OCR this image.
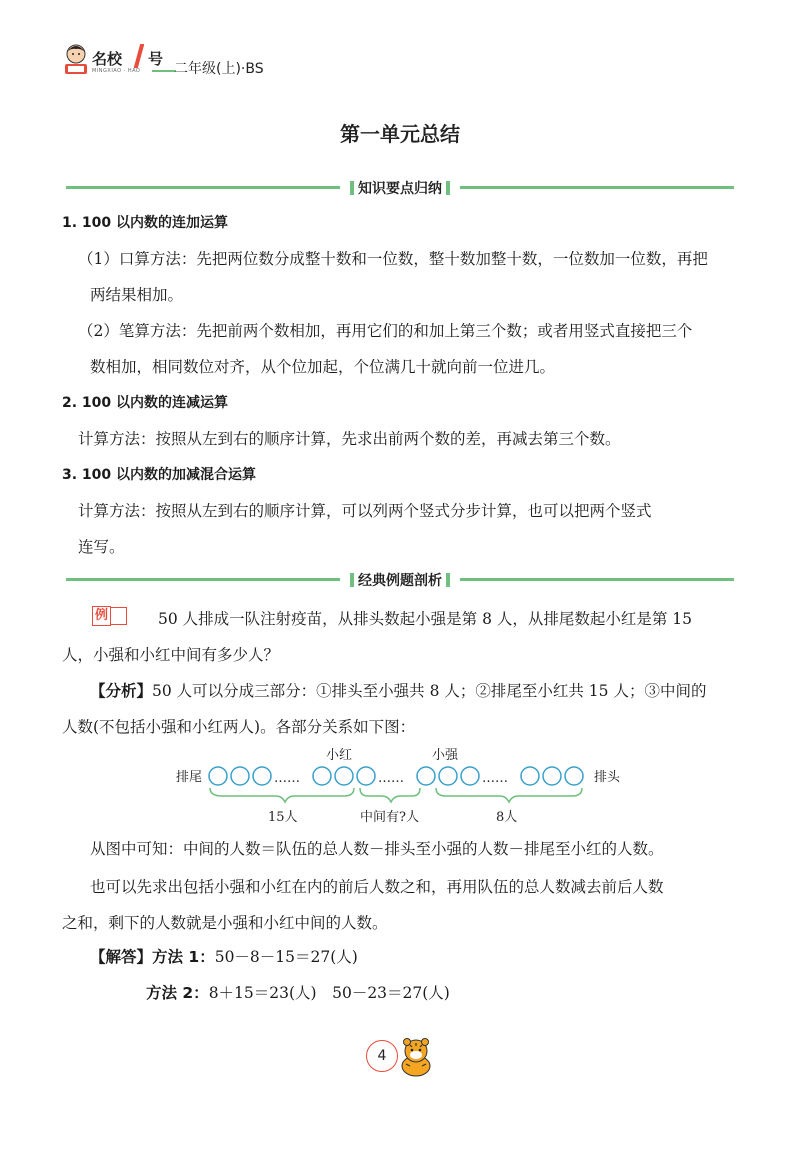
名校 号
MINGXIAO · HAO 二年级(上)·BS
第一单元总结
知识要点归纳
1. 100 以内数的连加运算
（1）口算方法：先把两位数分成整十数和一位数，整十数加整十数，一位数加一位数，再把
两结果相加。
（2）笔算方法：先把前两个数相加，再用它们的和加上第三个数；或者用竖式直接把三个
数相加，相同数位对齐，从个位加起，个位满几十就向前一位进几。
2. 100 以内数的连减运算
计算方法：按照从左到右的顺序计算，先求出前两个数的差，再减去第三个数。
3. 100 以内数的加减混合运算
计算方法：按照从左到右的顺序计算，可以列两个竖式分步计算，也可以把两个竖式
连写。
经典例题剖析
例	50 人排成一队注射疫苗，从排头数起小强是第 8 人，从排尾数起小红是第 15
人，小强和小红中间有多少人？
【分析】50 人可以分成三部分：①排头至小强共 8 人；②排尾至小红共 15 人；③中间的
人数(不包括小强和小红两人)。各部分关系如下图：
小红	小强
排尾	排头
……	……	……
15人	中间有?人	8人
从图中可知：中间的人数＝队伍的总人数－排头至小强的人数－排尾至小红的人数。
也可以先求出包括小强和小红在内的前后人数之和，再用队伍的总人数减去前后人数
之和，剩下的人数就是小强和小红中间的人数。
【解答】方法 1：50－8－15＝27(人)
方法 2：8＋15＝23(人)　50－23＝27(人)
4
